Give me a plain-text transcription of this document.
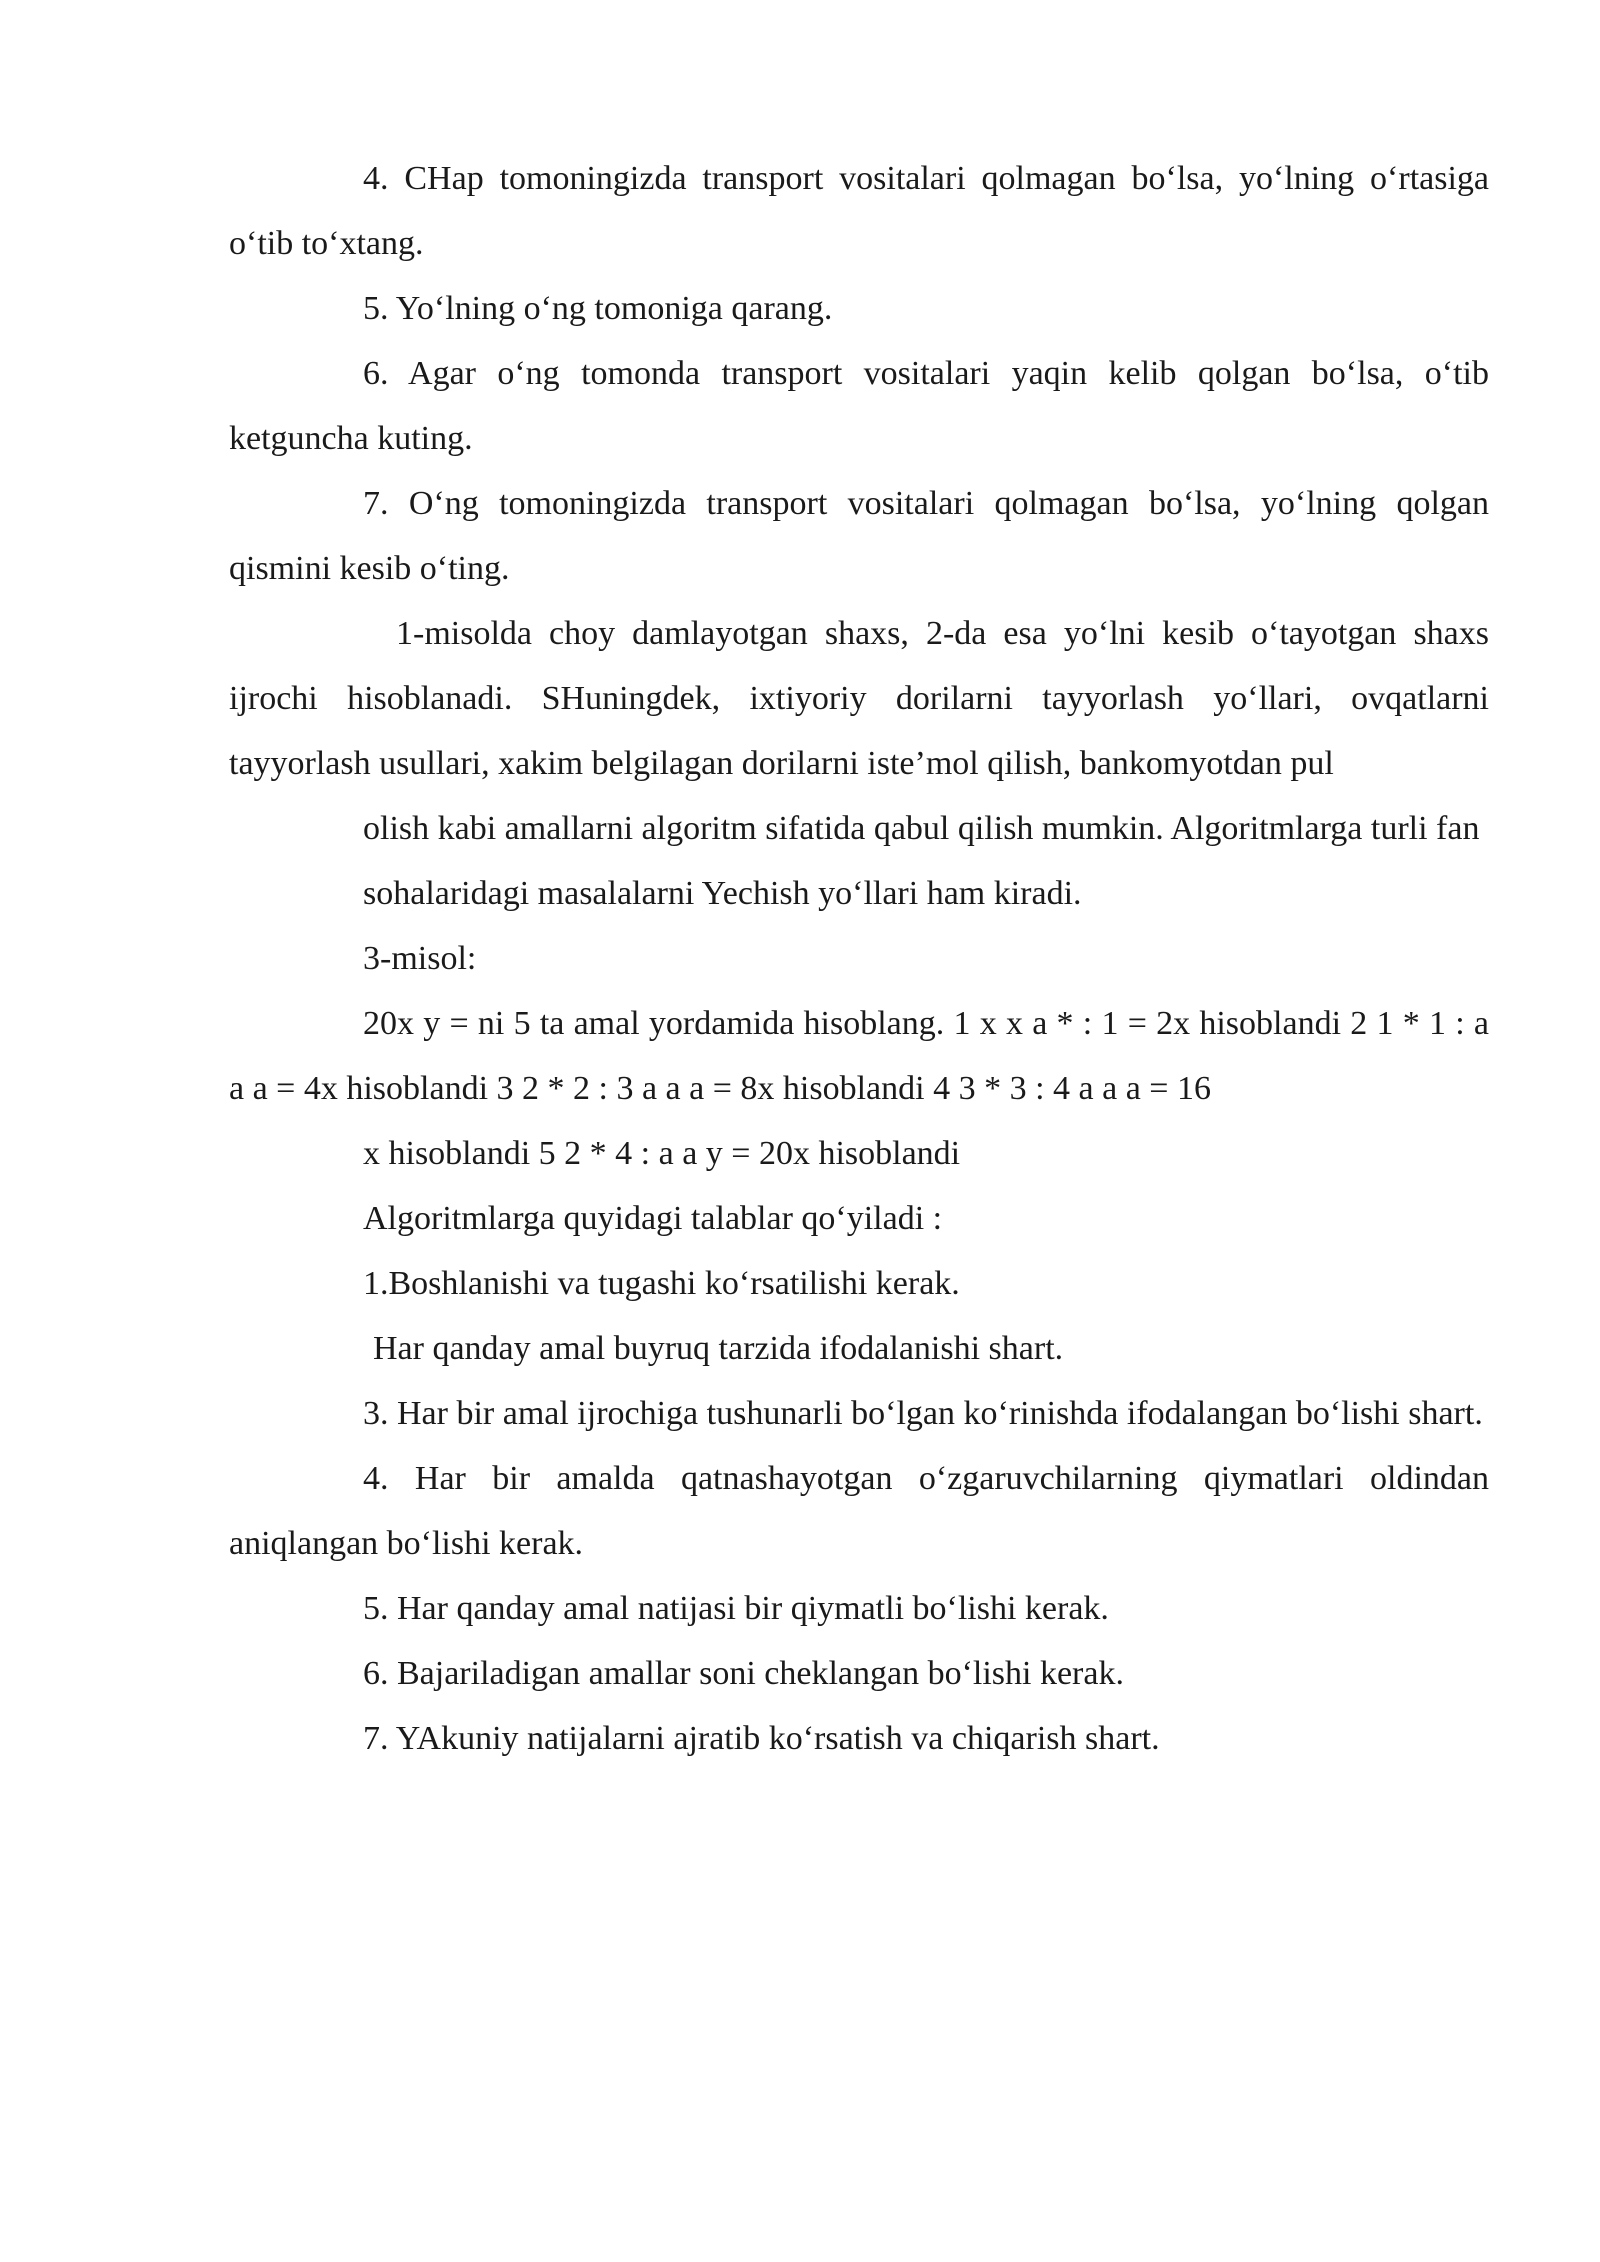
4. CHap tomoningizda transport vositalari qolmagan bo‘lsa, yo‘lning o‘rtasiga o‘tib to‘xtang.

5. Yo‘lning o‘ng tomoniga qarang.

6. Agar o‘ng tomonda transport vositalari yaqin kelib qolgan bo‘lsa, o‘tib ketguncha kuting.

7. O‘ng tomoningizda transport vositalari qolmagan bo‘lsa, yo‘lning qolgan qismini kesib o‘ting.

1-misolda choy damlayotgan shaxs, 2-da esa yo‘lni kesib o‘tayotgan shaxs ijrochi hisoblanadi. SHuningdek, ixtiyoriy dorilarni tayyorlash yo‘llari, ovqatlarni tayyorlash usullari, xakim belgilagan dorilarni iste’mol qilish, bankomyotdan pul

olish kabi amallarni algoritm sifatida qabul qilish mumkin. Algoritmlarga turli fan

sohalaridagi masalalarni Yechish yo‘llari ham kiradi.

3-misol:

20x y = ni 5 ta amal yordamida hisoblang. 1 x x a * : 1 = 2x hisoblandi 2 1 * 1 : a a a = 4x hisoblandi 3 2 * 2 : 3 a a a = 8x hisoblandi 4 3 * 3 : 4 a a a = 16

x hisoblandi 5 2 * 4 : a a y = 20x hisoblandi

Algoritmlarga quyidagi talablar qo‘yiladi :

1.Boshlanishi va tugashi ko‘rsatilishi kerak.

Har qanday amal buyruq tarzida ifodalanishi shart.

3. Har bir amal ijrochiga tushunarli bo‘lgan ko‘rinishda ifodalangan bo‘lishi shart.

4. Har bir amalda qatnashayotgan o‘zgaruvchilarning qiymatlari oldindan aniqlangan bo‘lishi kerak.

5. Har qanday amal natijasi bir qiymatli bo‘lishi kerak.

6. Bajariladigan amallar soni cheklangan bo‘lishi kerak.

7. YAkuniy natijalarni ajratib ko‘rsatish va chiqarish shart.
